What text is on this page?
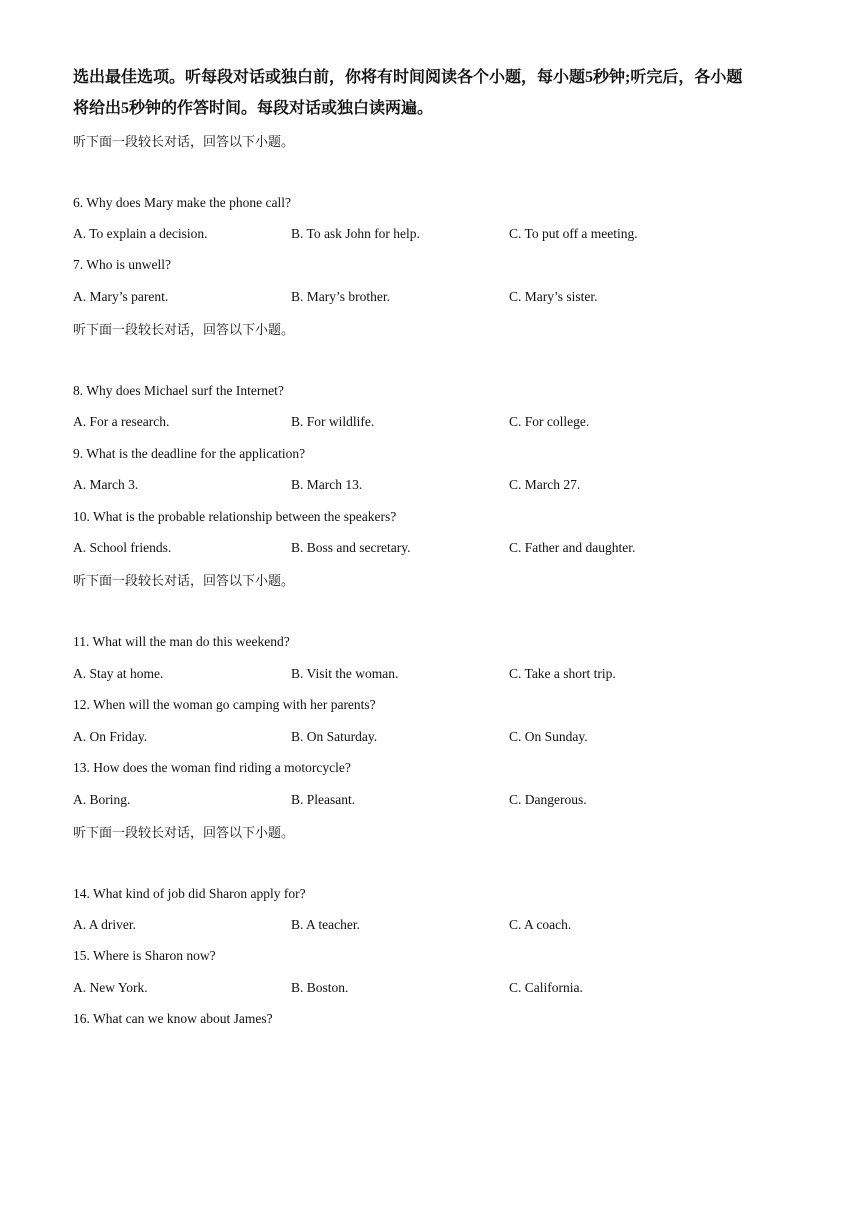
选出最佳选项。听每段对话或独白前，你将有时间阅读各个小题，每小题5秒钟;听完后，各小题将给出5秒钟的作答时间。每段对话或独白读两遍。
听下面一段较长对话，回答以下小题。
6. Why does Mary make the phone call?
A. To explain a decision.	B. To ask John for help.	C. To put off a meeting.
7. Who is unwell?
A. Mary’s parent.	B. Mary’s brother.	C. Mary’s sister.
听下面一段较长对话，回答以下小题。
8. Why does Michael surf the Internet?
A. For a research.	B. For wildlife.	C. For college.
9. What is the deadline for the application?
A. March 3.	B. March 13.	C. March 27.
10. What is the probable relationship between the speakers?
A. School friends.	B. Boss and secretary.	C. Father and daughter.
听下面一段较长对话，回答以下小题。
11. What will the man do this weekend?
A. Stay at home.	B. Visit the woman.	C. Take a short trip.
12. When will the woman go camping with her parents?
A. On Friday.	B. On Saturday.	C. On Sunday.
13. How does the woman find riding a motorcycle?
A. Boring.	B. Pleasant.	C. Dangerous.
听下面一段较长对话，回答以下小题。
14. What kind of job did Sharon apply for?
A. A driver.	B. A teacher.	C. A coach.
15. Where is Sharon now?
A. New York.	B. Boston.	C. California.
16. What can we know about James?
